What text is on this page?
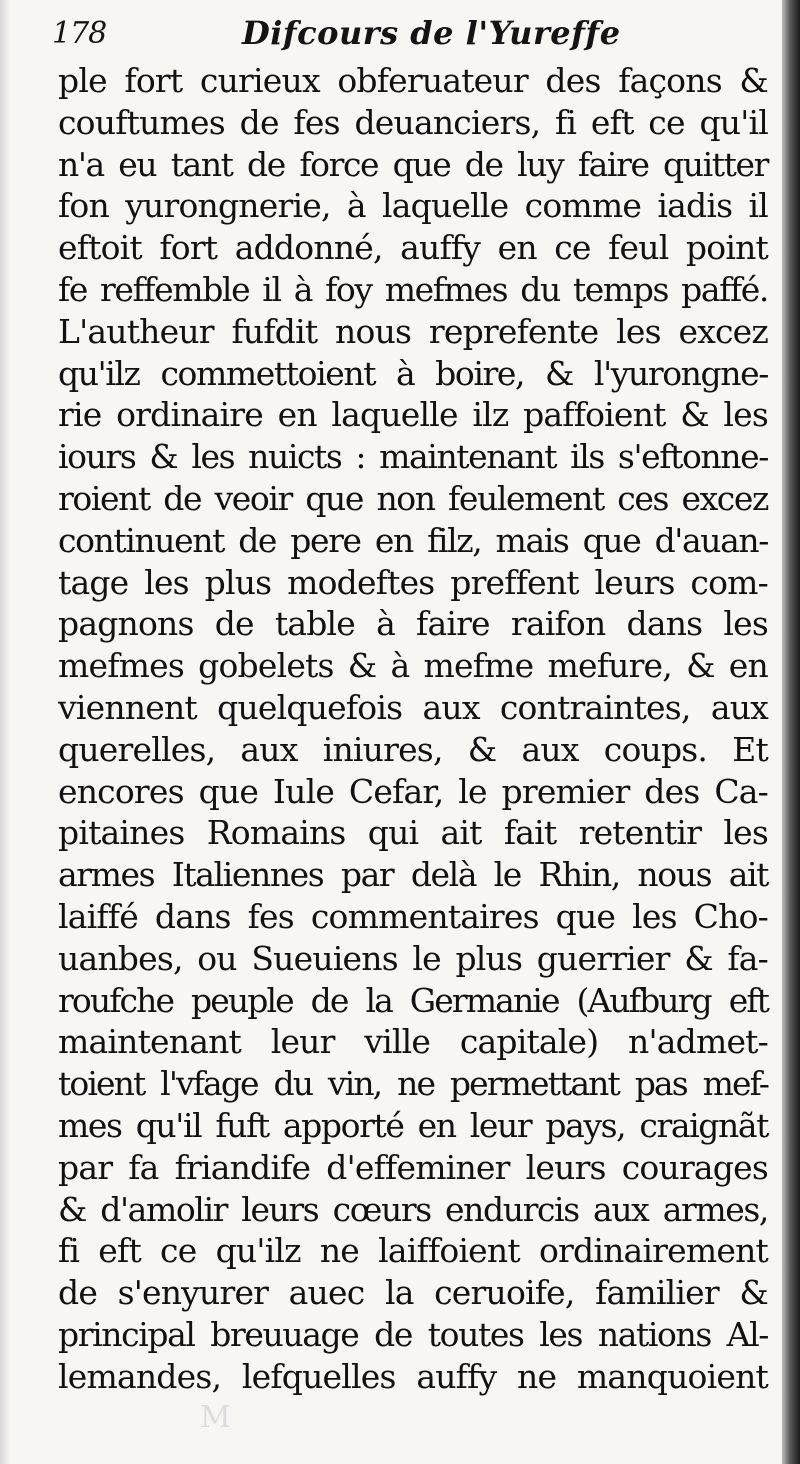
178	Difcours de l'Yureffe
ple fort curieux obferuateur des façons &
couftumes de fes deuanciers, fi eft ce qu'il
n'a eu tant de force que de luy faire quitter
fon yurongnerie, à laquelle comme iadis il
eftoit fort addonné, auffy en ce feul point
fe reffemble il à foy mefmes du temps paffé.
L'autheur fufdit nous reprefente les excez
qu'ilz commettoient à boire, & l'yurongne-
rie ordinaire en laquelle ilz paffoient & les
iours & les nuicts : maintenant ils s'eftonne-
roient de veoir que non feulement ces excez
continuent de pere en filz, mais que d'auan-
tage les plus modeftes preffent leurs com-
pagnons de table à faire raifon dans les
mefmes gobelets & à mefme mefure, & en
viennent quelquefois aux contraintes, aux
querelles, aux iniures, & aux coups. Et
encores que Iule Cefar, le premier des Ca-
pitaines Romains qui ait fait retentir les
armes Italiennes par delà le Rhin, nous ait
laiffé dans fes commentaires que les Cho-
uanbes, ou Sueuiens le plus guerrier & fa-
roufche peuple de la Germanie (Aufburg eft
maintenant leur ville capitale) n'admet-
toient l'vfage du vin, ne permettant pas mef-
mes qu'il fuft apporté en leur pays, craignãt
par fa friandife d'effeminer leurs courages
& d'amolir leurs cœurs endurcis aux armes,
fi eft ce qu'ilz ne laiffoient ordinairement
de s'enyurer auec la ceruoife, familier &
principal breuuage de toutes les nations Al-
lemandes, lefquelles auffy ne manquoient
M
